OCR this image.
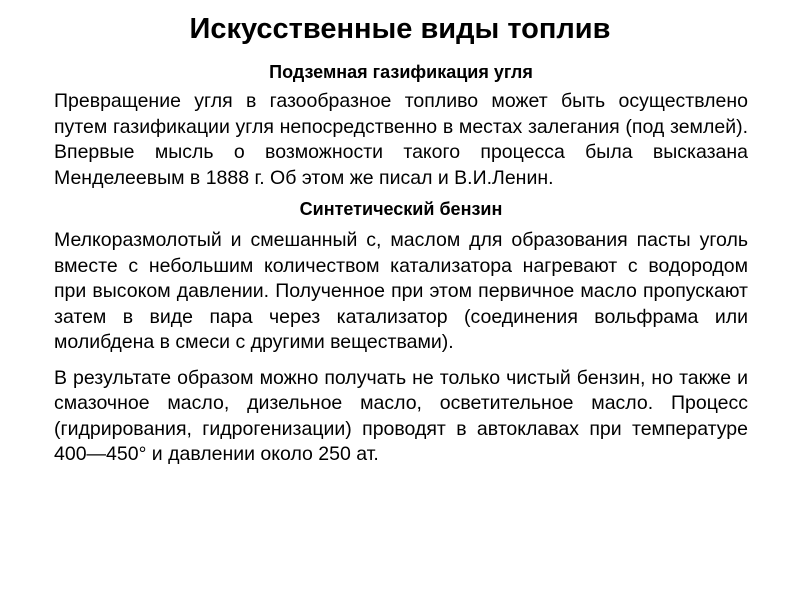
Искусственные виды топлив
Подземная газификация угля
Превращение угля в газообразное топливо может быть осуществлено путем газификации угля непосредственно в местах залегания (под землей). Впервые мысль о возможности такого процесса была высказана Менделеевым в 1888 г. Об этом же писал и В.И.Ленин.
Синтетический бензин
Мелкоразмолотый и смешанный с, маслом для образования пасты уголь вместе с небольшим количеством катализатора нагревают с водородом при высоком давлении. Полученное при этом первичное масло пропускают затем в виде пара через катализатор (соединения вольфрама или молибдена в смеси с другими веществами).
В результате образом можно получать не только чистый бензин, но также и смазочное масло, дизельное масло, осветительное масло. Процесс (гидрирования, гидрогенизации) проводят в автоклавах при температуре 400—450° и давлении около 250 ат.
